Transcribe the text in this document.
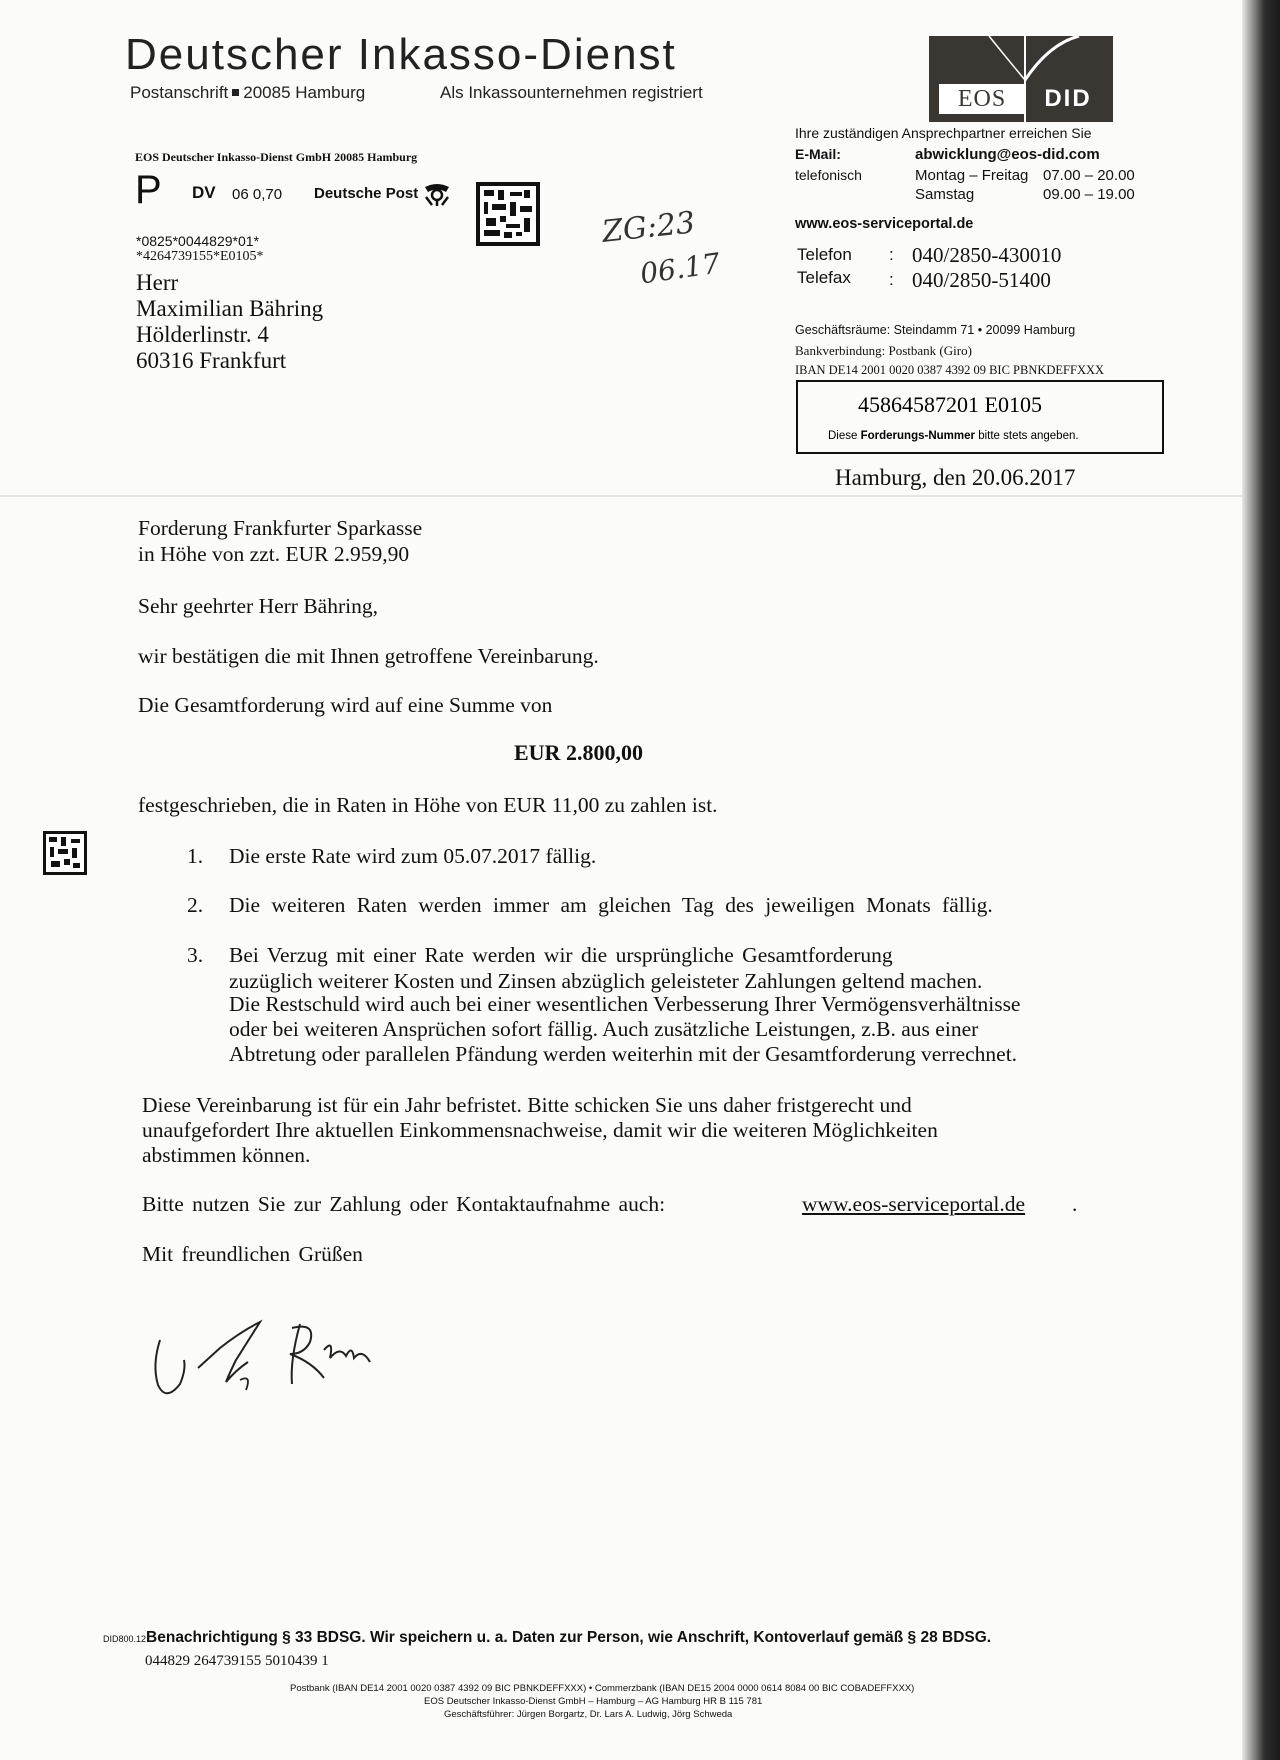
Deutscher Inkasso-Dienst
Postanschrift 20085 Hamburg	Als Inkassounternehmen registriert	EOS	DID
Ihre zuständigen Ansprechpartner erreichen Sie
E-Mail:	abwicklung@eos-did.com
telefonisch	Montag – Freitag 07.00 – 20.00
Samstag	09.00 – 19.00
www.eos-serviceportal.de
Telefon : 040/2850-430010
Telefax : 040/2850-51400
Geschäftsräume: Steindamm 71 • 20099 Hamburg
Bankverbindung: Postbank (Giro)
IBAN DE14 2001 0020 0387 4392 09 BIC PBNKDEFFXXX
45864587201 E0105
Diese Forderungs-Nummer bitte stets angeben.
EOS Deutscher Inkasso-Dienst GmbH 20085 Hamburg
P DV 06 0,70 Deutsche Post
*0825*0044829*01*
*4264739155*E0105*
Herr
Maximilian Bähring
Hölderlinstr. 4
60316 Frankfurt
ZG:23
06.17
Hamburg, den 20.06.2017
Forderung Frankfurter Sparkasse
in Höhe von zzt. EUR 2.959,90
Sehr geehrter Herr Bähring,
wir bestätigen die mit Ihnen getroffene Vereinbarung.
Die Gesamtforderung wird auf eine Summe von
EUR 2.800,00
festgeschrieben, die in Raten in Höhe von EUR 11,00 zu zahlen ist.
1. Die erste Rate wird zum 05.07.2017 fällig.
2. Die weiteren Raten werden immer am gleichen Tag des jeweiligen Monats fällig.
3. Bei Verzug mit einer Rate werden wir die ursprüngliche Gesamtforderung
zuzüglich weiterer Kosten und Zinsen abzüglich geleisteter Zahlungen geltend machen.
Die Restschuld wird auch bei einer wesentlichen Verbesserung Ihrer Vermögensverhältnisse
oder bei weiteren Ansprüchen sofort fällig. Auch zusätzliche Leistungen, z.B. aus einer
Abtretung oder parallelen Pfändung werden weiterhin mit der Gesamtforderung verrechnet.
Diese Vereinbarung ist für ein Jahr befristet. Bitte schicken Sie uns daher fristgerecht und
unaufgefordert Ihre aktuellen Einkommensnachweise, damit wir die weiteren Möglichkeiten
abstimmen können.
Bitte nutzen Sie zur Zahlung oder Kontaktaufnahme auch:	www.eos-serviceportal.de .
Mit freundlichen Grüßen
DID800.12Benachrichtigung § 33 BDSG. Wir speichern u. a. Daten zur Person, wie Anschrift, Kontoverlauf gemäß § 28 BDSG.
044829 264739155 5010439 1
Postbank (IBAN DE14 2001 0020 0387 4392 09 BIC PBNKDEFFXXX) • Commerzbank (IBAN DE15 2004 0000 0614 8084 00 BIC COBADEFFXXX)
EOS Deutscher Inkasso-Dienst GmbH – Hamburg – AG Hamburg HR B 115 781
Geschäftsführer: Jürgen Borgartz, Dr. Lars A. Ludwig, Jörg Schweda
